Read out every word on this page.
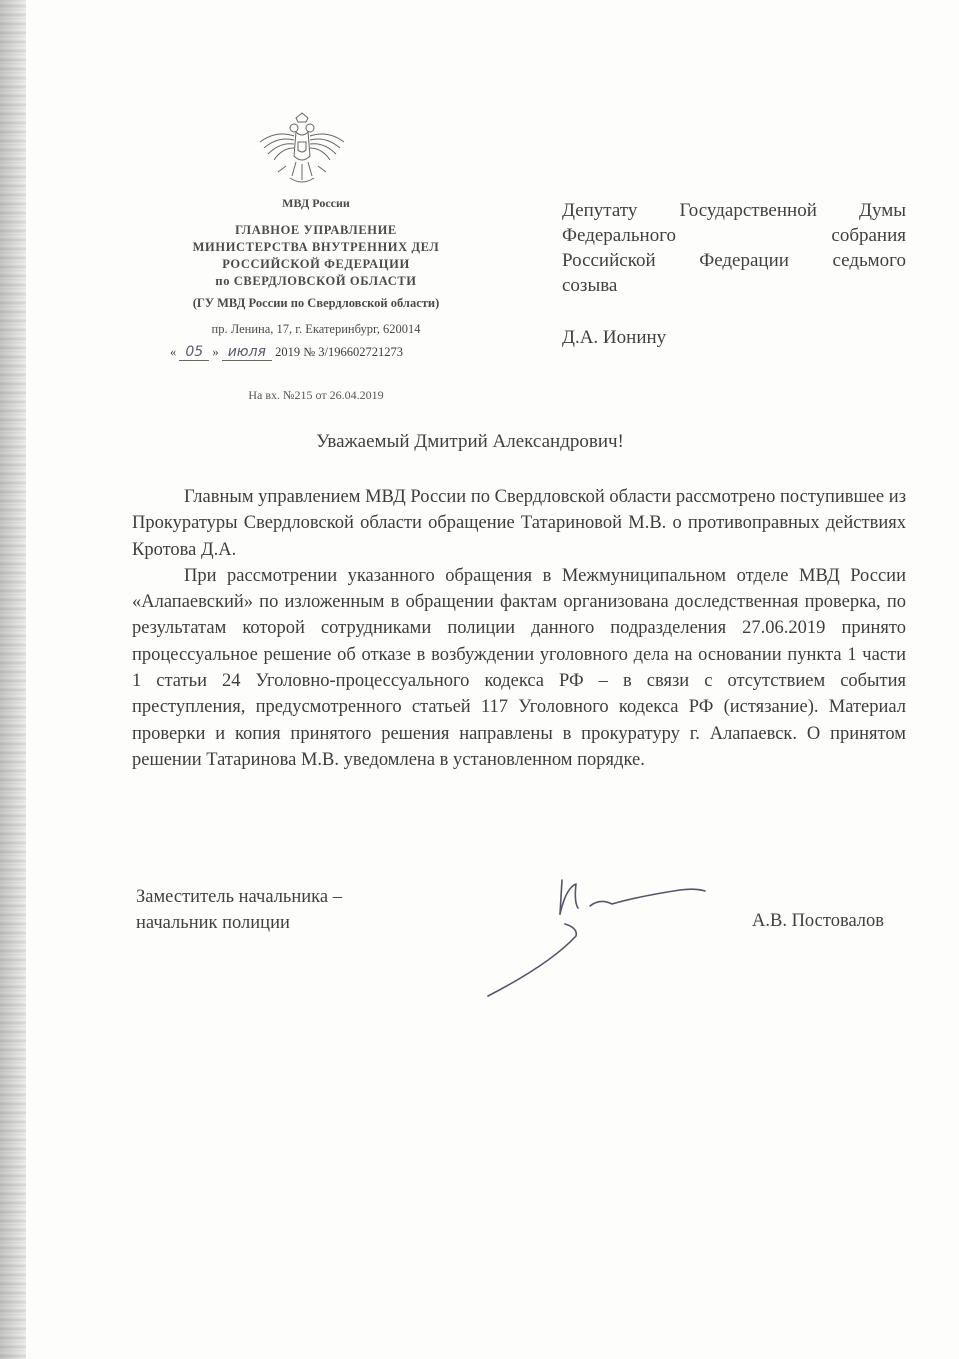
МВД России
ГЛАВНОЕ УПРАВЛЕНИЕ
МИНИСТЕРСТВА ВНУТРЕННИХ ДЕЛ
РОССИЙСКОЙ ФЕДЕРАЦИИ
по СВЕРДЛОВСКОЙ ОБЛАСТИ
(ГУ МВД России по Свердловской области)
пр. Ленина, 17, г. Екатеринбург, 620014
« 05 » июля 2019 № 3/196602721273
На вх. №215 от 26.04.2019
Депутату Государственной Думы
Федерального собрания
Российской Федерации седьмого
созыва
Д.А. Ионину
Уважаемый Дмитрий Александрович!

Главным управлением МВД России по Свердловской области рассмотрено поступившее из Прокуратуры Свердловской области обращение Татариновой М.В. о противоправных действиях Кротова Д.А.

При рассмотрении указанного обращения в Межмуниципальном отделе МВД России «Алапаевский» по изложенным в обращении фактам организована доследственная проверка, по результатам которой сотрудниками полиции данного подразделения 27.06.2019 принято процессуальное решение об отказе в возбуждении уголовного дела на основании пункта 1 части 1 статьи 24 Уголовно-процессуального кодекса РФ – в связи с отсутствием события преступления, предусмотренного статьей 117 Уголовного кодекса РФ (истязание). Материал проверки и копия принятого решения направлены в прокуратуру г. Алапаевск. О принятом решении Татаринова М.В. уведомлена в установленном порядке.

Заместитель начальника –
начальник полиции	А.В. Постовалов
